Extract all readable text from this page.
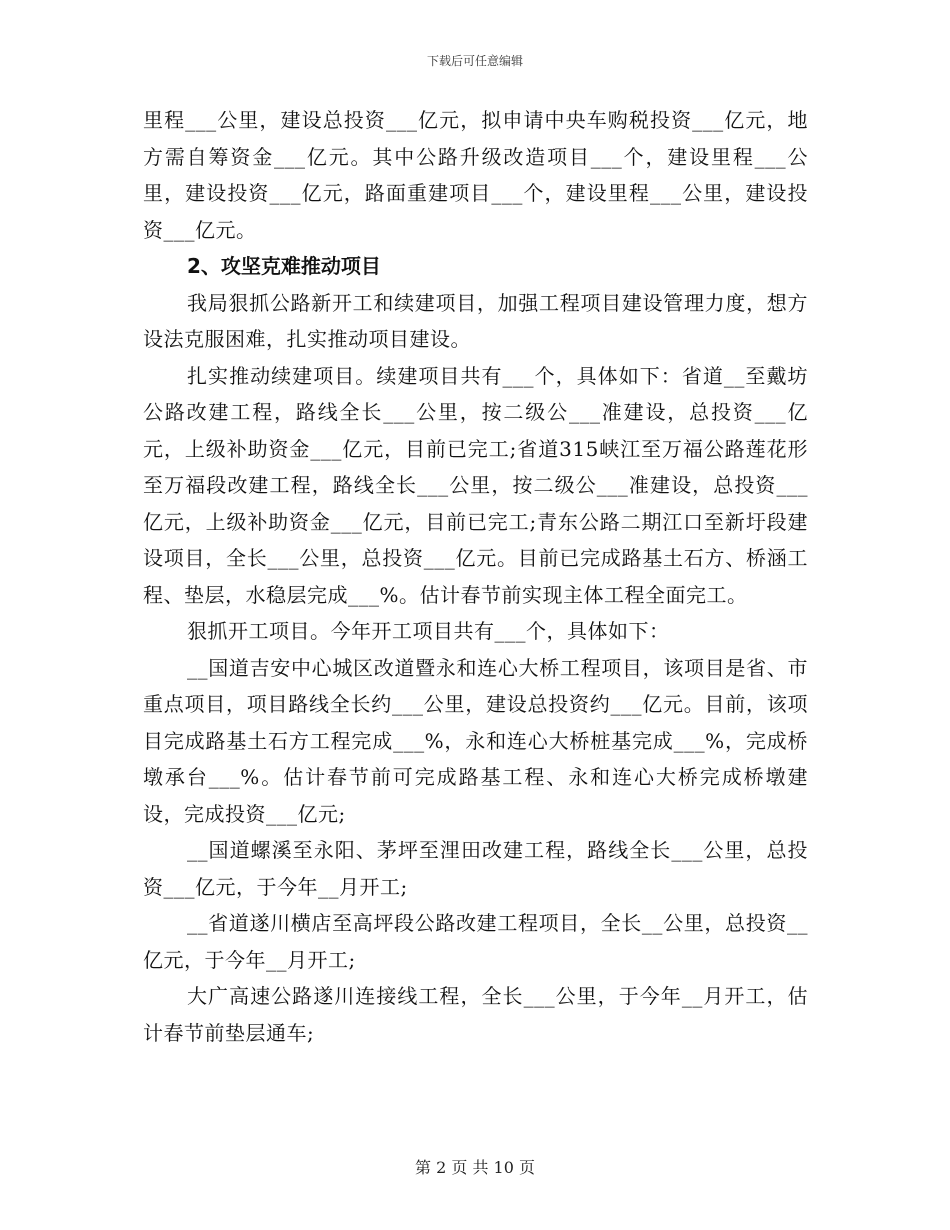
下载后可任意编辑

里程___公里，建设总投资___亿元，拟申请中央车购税投资___亿元，地方需自筹资金___亿元。其中公路升级改造项目___个，建设里程___公里，建设投资___亿元，路面重建项目___个，建设里程___公里，建设投资___亿元。

2、攻坚克难推动项目

我局狠抓公路新开工和续建项目，加强工程项目建设管理力度，想方设法克服困难，扎实推动项目建设。

扎实推动续建项目。续建项目共有___个，具体如下：省道__至戴坊公路改建工程，路线全长___公里，按二级公___准建设，总投资___亿元，上级补助资金___亿元，目前已完工;省道315峡江至万福公路莲花形至万福段改建工程，路线全长___公里，按二级公___准建设，总投资___亿元，上级补助资金___亿元，目前已完工;青东公路二期江口至新圩段建设项目，全长___公里，总投资___亿元。目前已完成路基土石方、桥涵工程、垫层，水稳层完成___%。估计春节前实现主体工程全面完工。

狠抓开工项目。今年开工项目共有___个，具体如下：

__国道吉安中心城区改道暨永和连心大桥工程项目，该项目是省、市重点项目，项目路线全长约___公里，建设总投资约___亿元。目前，该项目完成路基土石方工程完成___%，永和连心大桥桩基完成___%，完成桥墩承台___%。估计春节前可完成路基工程、永和连心大桥完成桥墩建设，完成投资___亿元;

__国道螺溪至永阳、茅坪至浬田改建工程，路线全长___公里，总投资___亿元，于今年__月开工;

__省道遂川横店至高坪段公路改建工程项目，全长__公里，总投资__亿元，于今年__月开工;

大广高速公路遂川连接线工程，全长___公里，于今年__月开工，估计春节前垫层通车;

第 2 页 共 10 页
